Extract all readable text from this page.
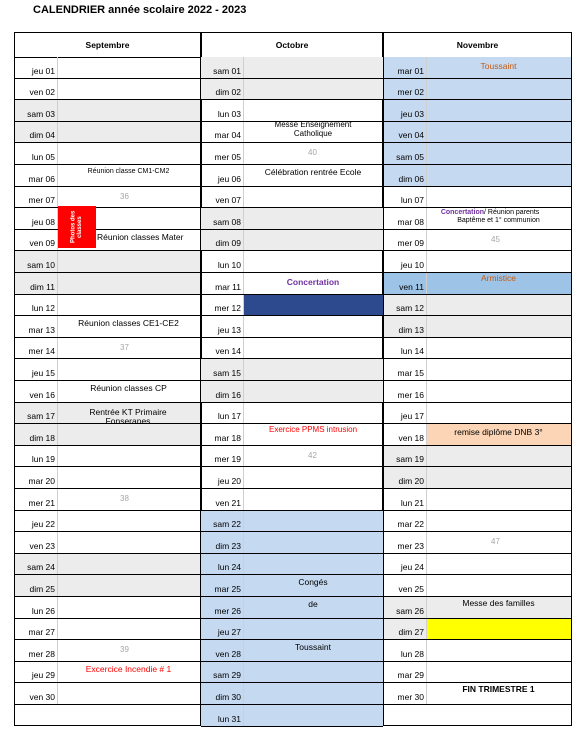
CALENDRIER année scolaire 2022 - 2023
Septembre
jeu 01
ven 02
sam 03
dim 04
lun 05
mar 06
mer 07
jeu 08
ven 09
sam 10
dim 11
lun 12
mar 13
mer 14
jeu 15
ven 16
sam 17
dim 18
lun 19
mar 20
mer 21
jeu 22
ven 23
sam 24
dim 25
lun 26
mar 27
mer 28
jeu 29
ven 30
Octobre
sam 01
dim 02
lun 03
mar 04
mer 05
jeu 06
ven 07
sam 08
dim 09
lun 10
mar 11
mer 12
jeu 13
ven 14
sam 15
dim 16
lun 17
mar 18
mer 19
jeu 20
ven 21
sam 22
dim 23
lun 24
mar 25
mer 26
jeu 27
ven 28
sam 29
dim 30
lun 31
Novembre
mar 01
mer 02
jeu 03
ven 04
sam 05
dim 06
lun 07
mar 08
mer 09
jeu 10
ven 11
sam 12
dim 13
lun 14
mar 15
mer 16
jeu 17
ven 18
sam 19
dim 20
lun 21
mar 22
mer 23
jeu 24
ven 25
sam 26
dim 27
lun 28
mar 29
mer 30
Réunion classe CM1-CM2
Réunion classes Mater
Réunion classes CE1-CE2
Réunion classes CP
Rentrée KT Primaire Fonseranes
Excercice Incendie # 1
Messe Enseignement Catholique
Célébration rentrée Ecole
Concertation
Exercice PPMS intrusion
Congés
de
Toussaint
Toussaint
Baptême et 1° communion
Concertation / Réunion parents
Armistice
remise diplôme DNB 3°
Messe des familles
FIN TRIMESTRE 1
36
37
38
39
40
42
45
47
Photos des classes
